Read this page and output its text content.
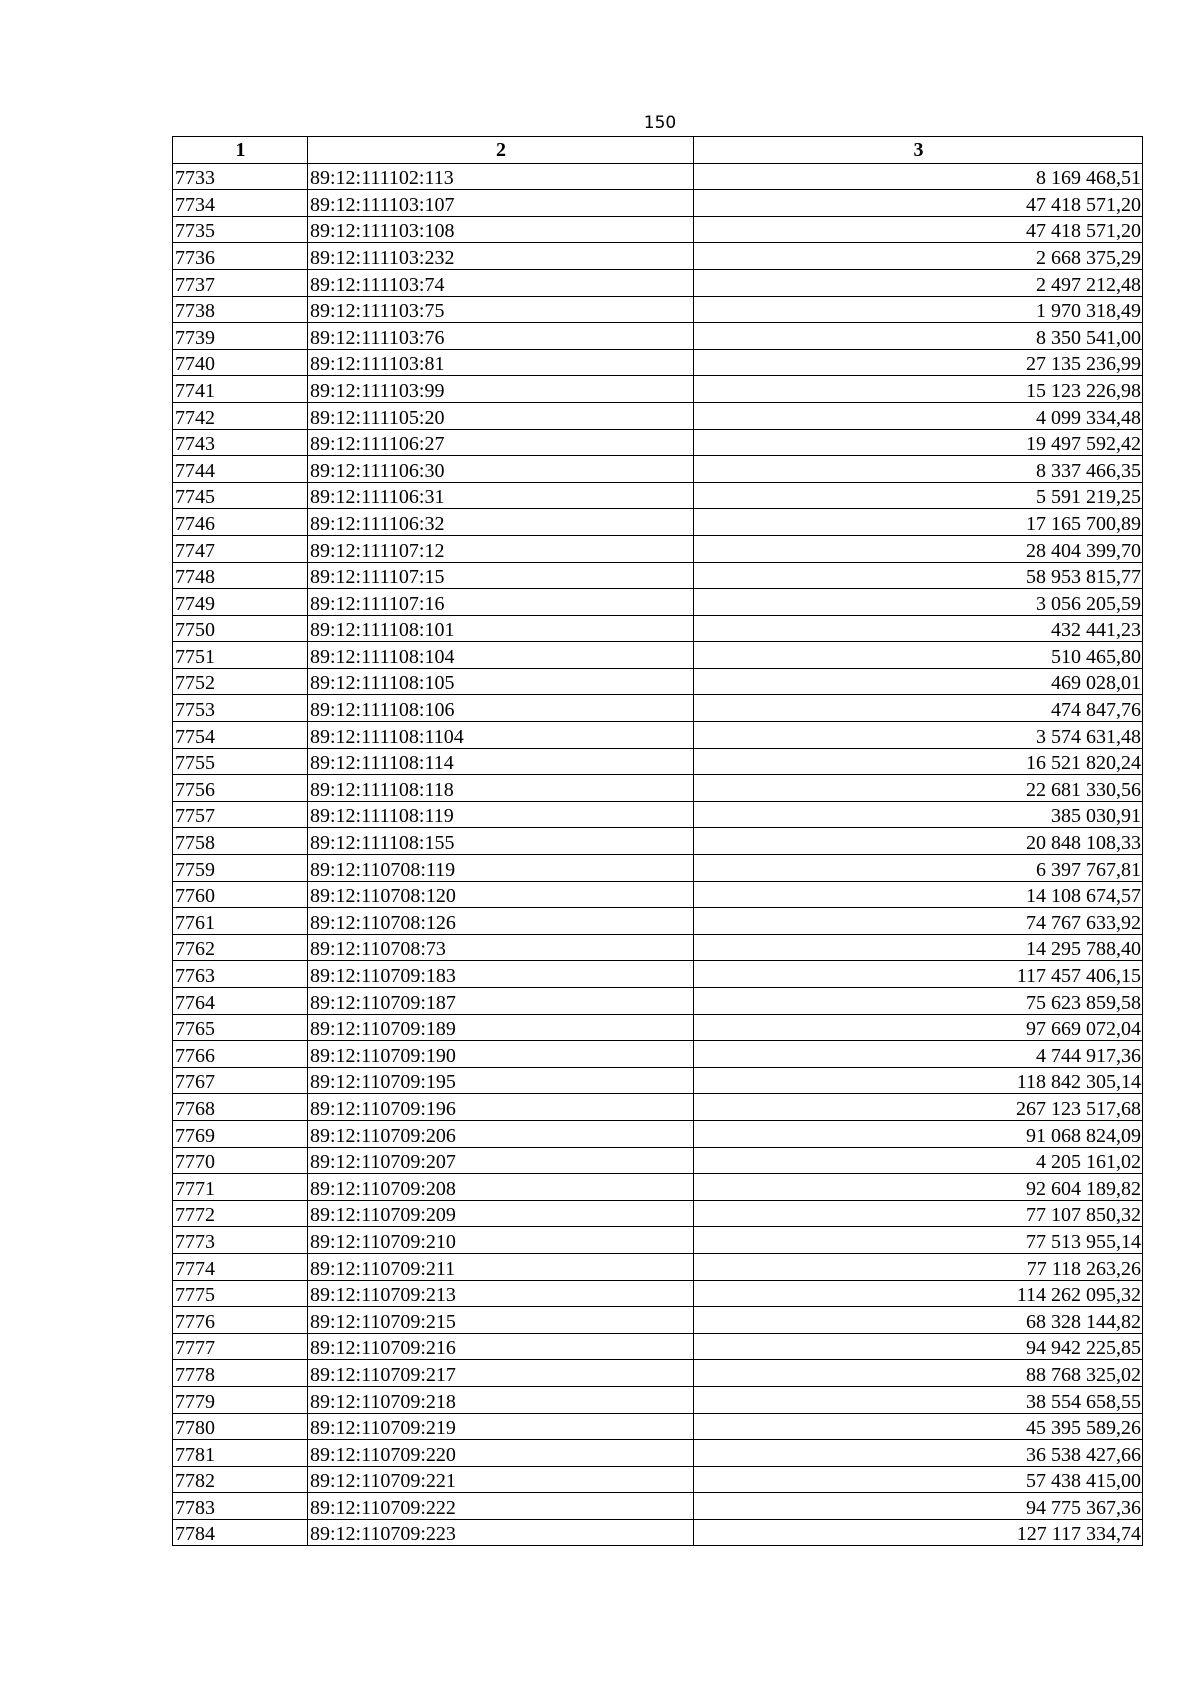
150
1	2	3
7733	89:12:111102:113	8 169 468,51
7734	89:12:111103:107	47 418 571,20
7735	89:12:111103:108	47 418 571,20
7736	89:12:111103:232	2 668 375,29
7737	89:12:111103:74	2 497 212,48
7738	89:12:111103:75	1 970 318,49
7739	89:12:111103:76	8 350 541,00
7740	89:12:111103:81	27 135 236,99
7741	89:12:111103:99	15 123 226,98
7742	89:12:111105:20	4 099 334,48
7743	89:12:111106:27	19 497 592,42
7744	89:12:111106:30	8 337 466,35
7745	89:12:111106:31	5 591 219,25
7746	89:12:111106:32	17 165 700,89
7747	89:12:111107:12	28 404 399,70
7748	89:12:111107:15	58 953 815,77
7749	89:12:111107:16	3 056 205,59
7750	89:12:111108:101	432 441,23
7751	89:12:111108:104	510 465,80
7752	89:12:111108:105	469 028,01
7753	89:12:111108:106	474 847,76
7754	89:12:111108:1104	3 574 631,48
7755	89:12:111108:114	16 521 820,24
7756	89:12:111108:118	22 681 330,56
7757	89:12:111108:119	385 030,91
7758	89:12:111108:155	20 848 108,33
7759	89:12:110708:119	6 397 767,81
7760	89:12:110708:120	14 108 674,57
7761	89:12:110708:126	74 767 633,92
7762	89:12:110708:73	14 295 788,40
7763	89:12:110709:183	117 457 406,15
7764	89:12:110709:187	75 623 859,58
7765	89:12:110709:189	97 669 072,04
7766	89:12:110709:190	4 744 917,36
7767	89:12:110709:195	118 842 305,14
7768	89:12:110709:196	267 123 517,68
7769	89:12:110709:206	91 068 824,09
7770	89:12:110709:207	4 205 161,02
7771	89:12:110709:208	92 604 189,82
7772	89:12:110709:209	77 107 850,32
7773	89:12:110709:210	77 513 955,14
7774	89:12:110709:211	77 118 263,26
7775	89:12:110709:213	114 262 095,32
7776	89:12:110709:215	68 328 144,82
7777	89:12:110709:216	94 942 225,85
7778	89:12:110709:217	88 768 325,02
7779	89:12:110709:218	38 554 658,55
7780	89:12:110709:219	45 395 589,26
7781	89:12:110709:220	36 538 427,66
7782	89:12:110709:221	57 438 415,00
7783	89:12:110709:222	94 775 367,36
7784	89:12:110709:223	127 117 334,74
